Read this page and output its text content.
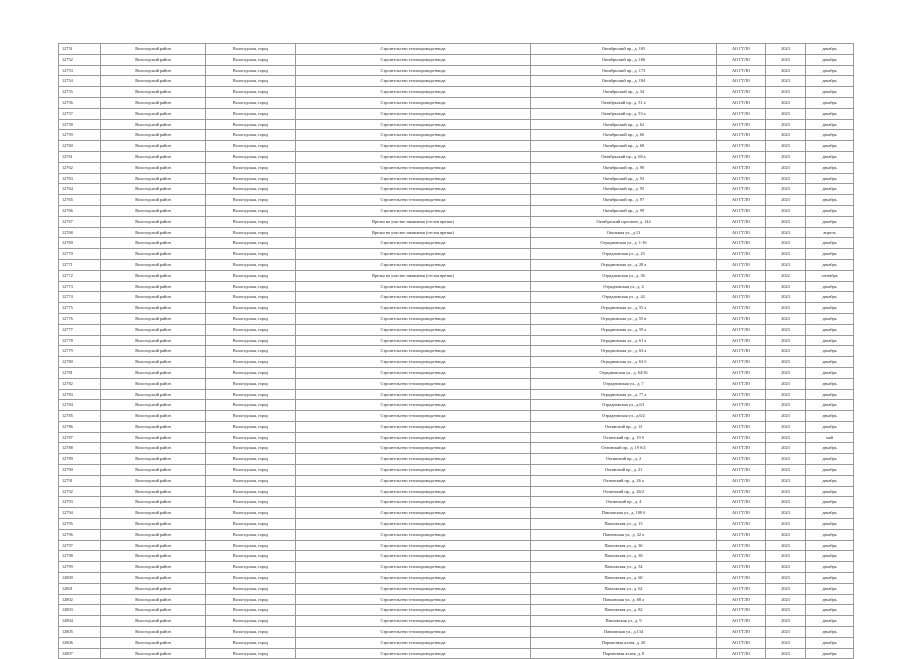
12751	Вологодский район	Вологодская, город	Строительство теплопровода-ввода	Октябрьский пр., д. 165	АО ГТЛО	2023	декабрь
12752	Вологодский район	Вологодская, город	Строительство теплопровода-ввода	Октябрьский пр., д. 166	АО ГТЛО	2023	декабрь
12753	Вологодский район	Вологодская, город	Строительство теплопровода-ввода	Октябрьский пр., д. 173	АО ГТЛО	2023	декабрь
12754	Вологодский район	Вологодская, город	Строительство теплопровода-ввода	Октябрьский пр., д. 184	АО ГТЛО	2023	декабрь
12755	Вологодский район	Вологодская, город	Строительство теплопровода-ввода	Октябрьский пр., д. 34	АО ГТЛО	2023	декабрь
12756	Вологодский район	Вологодская, город	Строительство теплопровода-ввода	Октябрьский пр., д. 51 а	АО ГТЛО	2023	декабрь
12757	Вологодский район	Вологодская, город	Строительство теплопровода-ввода	Октябрьский пр., д. 53 а	АО ГТЛО	2023	декабрь
12758	Вологодский район	Вологодская, город	Строительство теплопровода-ввода	Октябрьский пр., д. 62	АО ГТЛО	2023	декабрь
12759	Вологодский район	Вологодская, город	Строительство теплопровода-ввода	Октябрьский пр., д. 66	АО ГТЛО	2023	декабрь
12760	Вологодский район	Вологодская, город	Строительство теплопровода-ввода	Октябрьский пр., д. 68	АО ГТЛО	2023	декабрь
12761	Вологодский район	Вологодская, город	Строительство теплопровода-ввода	Октябрьский пр., д. 68 а	АО ГТЛО	2023	декабрь
12762	Вологодский район	Вологодская, город	Строительство теплопровода-ввода	Октябрьский пр., д. 90	АО ГТЛО	2023	декабрь
12763	Вологодский район	Вологодская, город	Строительство теплопровода-ввода	Октябрьский пр., д. 93	АО ГТЛО	2023	декабрь
12764	Вологодский район	Вологодская, город	Строительство теплопровода-ввода	Октябрьский пр., д. 95	АО ГТЛО	2023	декабрь
12765	Вологодский район	Вологодская, город	Строительство теплопровода-ввода	Октябрьский пр., д. 97	АО ГТЛО	2023	декабрь
12766	Вологодский район	Вологодская, город	Строительство теплопровода-ввода	Октябрьский пр., д. 99	АО ГТЛО	2023	декабрь
12767	Вологодский район	Вологодская, город	Врезка на участке закипания (отстоя врезки)	Октябрьский проспект, д. 144	АО ГТЛО	2023	декабрь
12768	Вологодский район	Вологодская, город	Врезка на участке закипания (отстоя врезки)	Окольная ул., д.13	АО ГТЛО	2023	апрель
12769	Вологодский район	Вологодская, город	Строительство теплопровода-ввода	Отрадновская ул., д. 1-16	АО ГТЛО	2023	декабрь
12770	Вологодский район	Вологодская, город	Строительство теплопровода-ввода	Отрадновская ул., д. 23	АО ГТЛО	2023	декабрь
12771	Вологодский район	Вологодская, город	Строительство теплопровода-ввода	Отрадновская ул., д. 28 а	АО ГТЛО	2023	декабрь
12772	Вологодский район	Вологодская, город	Врезка на участке закипания (отстоя врезки)	Отрадновская ул., д. 36	АО ГТЛО	2022	сентябрь
12773	Вологодский район	Вологодская, город	Строительство теплопровода-ввода	Отрадновская ул., д. 4	АО ГТЛО	2023	декабрь
12774	Вологодский район	Вологодская, город	Строительство теплопровода-ввода	Отрадновская ул., д. 42	АО ГТЛО	2023	декабрь
12775	Вологодский район	Вологодская, город	Строительство теплопровода-ввода	Отрадновская ул., д. 55 а	АО ГТЛО	2023	декабрь
12776	Вологодский район	Вологодская, город	Строительство теплопровода-ввода	Отрадновская ул., д. 55 в	АО ГТЛО	2023	декабрь
12777	Вологодский район	Вологодская, город	Строительство теплопровода-ввода	Отрадновская ул., д. 59 а	АО ГТЛО	2023	декабрь
12778	Вологодский район	Вологодская, город	Строительство теплопровода-ввода	Отрадновская ул., д. 61 а	АО ГТЛО	2023	декабрь
12779	Вологодский район	Вологодская, город	Строительство теплопровода-ввода	Отрадновская ул., д. 63 а	АО ГТЛО	2023	декабрь
12780	Вологодский район	Вологодская, город	Строительство теплопровода-ввода	Отрадновская ул., д. 63 б	АО ГТЛО	2023	декабрь
12781	Вологодский район	Вологодская, город	Строительство теплопровода-ввода	Отрадновская ул., д. 64/16	АО ГТЛО	2023	декабрь
12782	Вологодский район	Вологодская, город	Строительство теплопровода-ввода	Отрадновская ул., д. 7	АО ГТЛО	2023	декабрь
12783	Вологодский район	Вологодская, город	Строительство теплопровода-ввода	Отрадновская ул., д. 77 а	АО ГТЛО	2023	декабрь
12784	Вологодский район	Вологодская, город	Строительство теплопровода-ввода	Отрадновская ул., д.6/1	АО ГТЛО	2023	декабрь
12785	Вологодский район	Вологодская, город	Строительство теплопровода-ввода	Отрадновская ул., д.6/2	АО ГТЛО	2023	декабрь
12786	Вологодский район	Вологодская, город	Строительство теплопровода-ввода	Охтинский пр., д. 13	АО ГТЛО	2023	декабрь
12787	Вологодский район	Вологодская, город	Строительство теплопровода-ввода	Охтинский пр., д. 19 б	АО ГТЛО	2023	май
12788	Вологодский район	Вологодская, город	Строительство теплопровода-ввода	Охтинский пр., д. 19 б/2	АО ГТЛО	2023	декабрь
12789	Вологодский район	Вологодская, город	Строительство теплопровода-ввода	Охтинский пр., д. 2	АО ГТЛО	2023	декабрь
12790	Вологодский район	Вологодская, город	Строительство теплопровода-ввода	Охтинский пр., д. 21	АО ГТЛО	2023	декабрь
12791	Вологодский район	Вологодская, город	Строительство теплопровода-ввода	Охтинский пр., д. 26 а	АО ГТЛО	2023	декабрь
12792	Вологодский район	Вологодская, город	Строительство теплопровода-ввода	Охтинский пр., д. 26/2	АО ГТЛО	2023	декабрь
12793	Вологодский район	Вологодская, город	Строительство теплопровода-ввода	Охтинский пр., д. 4	АО ГТЛО	2023	декабрь
12794	Вологодский район	Вологодская, город	Строительство теплопровода-ввода	Павловская ул., д. 100 б	АО ГТЛО	2023	декабрь
12795	Вологодский район	Вологодская, город	Строительство теплопровода-ввода	Павловская ул., д. 15	АО ГТЛО	2023	декабрь
12796	Вологодский район	Вологодская, город	Строительство теплопровода-ввода	Павловская ул., д. 32 а	АО ГТЛО	2023	декабрь
12797	Вологодский район	Вологодская, город	Строительство теплопровода-ввода	Павловская ул., д. 36	АО ГТЛО	2023	декабрь
12798	Вологодский район	Вологодская, город	Строительство теплопровода-ввода	Павловская ул., д. 38	АО ГТЛО	2023	декабрь
12799	Вологодский район	Вологодская, город	Строительство теплопровода-ввода	Павловская ул., д. 54	АО ГТЛО	2023	декабрь
12800	Вологодский район	Вологодская, город	Строительство теплопровода-ввода	Павловская ул., д. 60	АО ГТЛО	2023	декабрь
12801	Вологодский район	Вологодская, город	Строительство теплопровода-ввода	Павловская ул., д. 62	АО ГТЛО	2023	декабрь
12802	Вологодский район	Вологодская, город	Строительство теплопровода-ввода	Павловская ул., д. 68 а	АО ГТЛО	2023	декабрь
12803	Вологодский район	Вологодская, город	Строительство теплопровода-ввода	Павловская ул., д. 82	АО ГТЛО	2023	декабрь
12804	Вологодский район	Вологодская, город	Строительство теплопровода-ввода	Павловская ул., д. 9	АО ГТЛО	2023	декабрь
12805	Вологодский район	Вологодская, город	Строительство теплопровода-ввода	Павловская ул., д.134	АО ГТЛО	2023	декабрь
12806	Вологодский район	Вологодская, город	Строительство теплопровода-ввода	Паровозная аллея, д. 20	АО ГТЛО	2023	декабрь
12807	Вологодский район	Вологодская, город	Строительство теплопровода-ввода	Паровозная аллея, д. 8	АО ГТЛО	2023	декабрь
